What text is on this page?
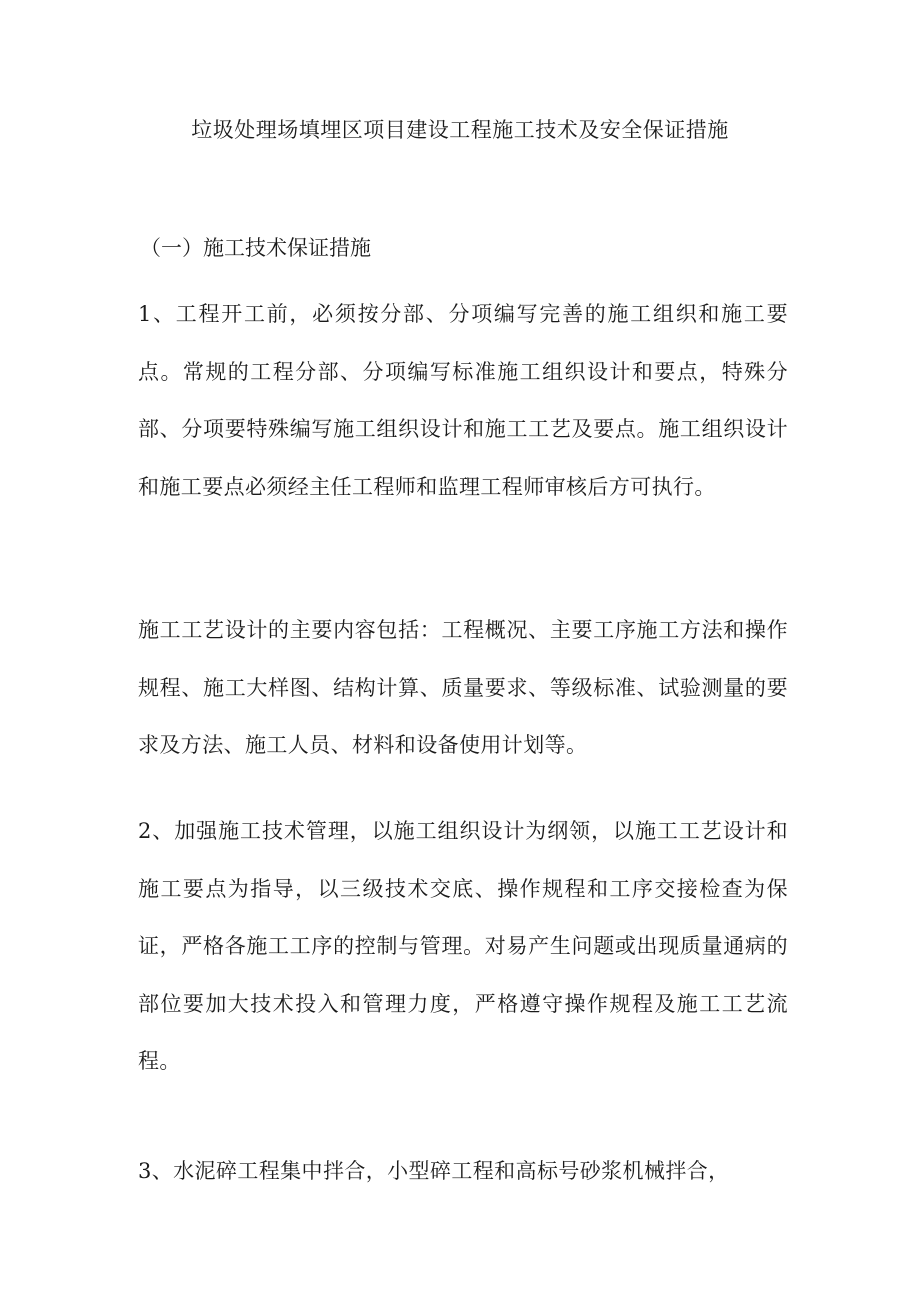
垃圾处理场填埋区项目建设工程施工技术及安全保证措施
（一）施工技术保证措施

1、工程开工前，必须按分部、分项编写完善的施工组织和施工要点。常规的工程分部、分项编写标准施工组织设计和要点，特殊分部、分项要特殊编写施工组织设计和施工工艺及要点。施工组织设计和施工要点必须经主任工程师和监理工程师审核后方可执行。

施工工艺设计的主要内容包括：工程概况、主要工序施工方法和操作规程、施工大样图、结构计算、质量要求、等级标准、试验测量的要求及方法、施工人员、材料和设备使用计划等。

2、加强施工技术管理，以施工组织设计为纲领，以施工工艺设计和施工要点为指导，以三级技术交底、操作规程和工序交接检查为保证，严格各施工工序的控制与管理。对易产生问题或出现质量通病的部位要加大技术投入和管理力度，严格遵守操作规程及施工工艺流程。

3、水泥碎工程集中拌合，小型碎工程和高标号砂浆机械拌合，
